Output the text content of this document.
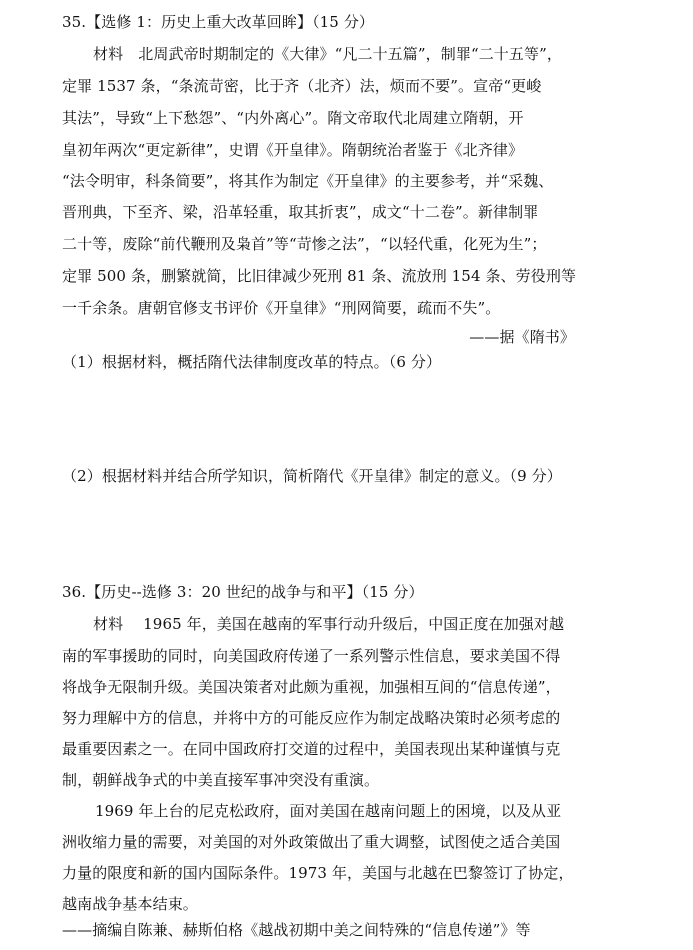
35.【选修 1：历史上重大改革回眸】（15 分）
材料　北周武帝时期制定的《大律》“凡二十五篇”，制罪“二十五等”，
定罪 1537 条，“条流苛密，比于齐（北齐）法，烦而不要”。宣帝“更峻
其法”，导致“上下愁怨”、“内外离心”。隋文帝取代北周建立隋朝，开
皇初年两次“更定新律”，史谓《开皇律》。隋朝统治者鉴于《北齐律》
“法令明审，科条简要”，将其作为制定《开皇律》的主要参考，并“采魏、
晋刑典，下至齐、梁，沿革轻重，取其折衷”，成文“十二卷”。新律制罪
二十等，废除“前代鞭刑及枭首”等“苛惨之法”，“以轻代重，化死为生”；
定罪 500 条，删繁就简，比旧律减少死刑 81 条、流放刑 154 条、劳役刑等
一千余条。唐朝官修支书评价《开皇律》“刑网简要，疏而不失”。
——据《隋书》
（1）根据材料，概括隋代法律制度改革的特点。（6 分）
（2）根据材料并结合所学知识，简析隋代《开皇律》制定的意义。（9 分）
36.【历史--选修 3：20 世纪的战争与和平】（15 分）
材料　 1965 年，美国在越南的军事行动升级后，中国正度在加强对越
南的军事援助的同时，向美国政府传递了一系列警示性信息，要求美国不得
将战争无限制升级。美国决策者对此颇为重视，加强相互间的“信息传递”，
努力理解中方的信息，并将中方的可能反应作为制定战略决策时必须考虑的
最重要因素之一。在同中国政府打交道的过程中，美国表现出某种谨慎与克
制，朝鲜战争式的中美直接军事冲突没有重演。
1969 年上台的尼克松政府，面对美国在越南问题上的困境，以及从亚
洲收缩力量的需要，对美国的对外政策做出了重大调整，试图使之适合美国
力量的限度和新的国内国际条件。1973 年，美国与北越在巴黎签订了协定，
越南战争基本结束。
——摘编自陈兼、赫斯伯格《越战初期中美之间特殊的“信息传递”》等
